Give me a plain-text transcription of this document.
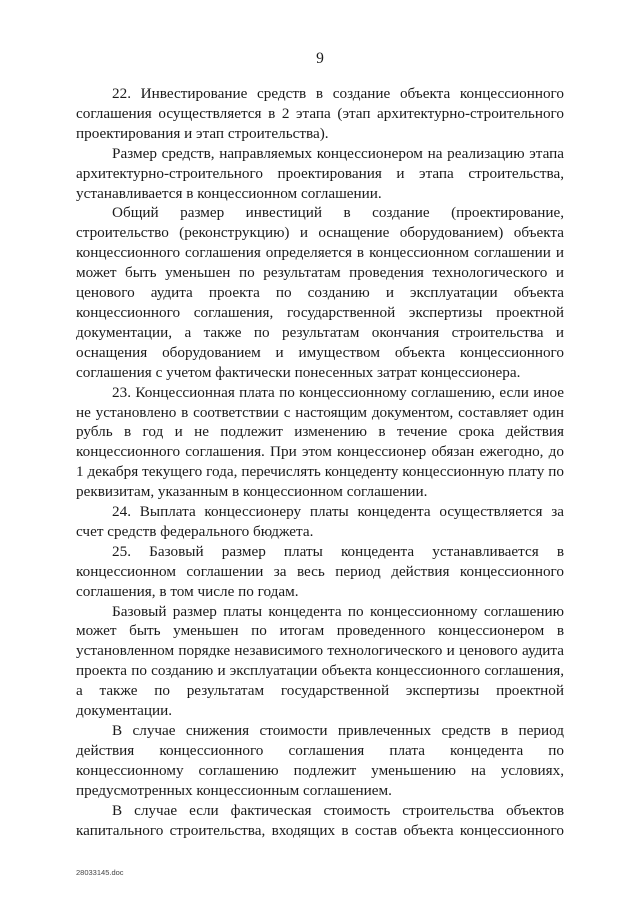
9

22. Инвестирование средств в создание объекта концессионного соглашения осуществляется в 2 этапа (этап архитектурно-строительного проектирования и этап строительства).

Размер средств, направляемых концессионером на реализацию этапа архитектурно-строительного проектирования и этапа строительства, устанавливается в концессионном соглашении.

Общий размер инвестиций в создание (проектирование, строительство (реконструкцию) и оснащение оборудованием) объекта концессионного соглашения определяется в концессионном соглашении и может быть уменьшен по результатам проведения технологического и ценового аудита проекта по созданию и эксплуатации объекта концессионного соглашения, государственной экспертизы проектной документации, а также по результатам окончания строительства и оснащения оборудованием и имуществом объекта концессионного соглашения с учетом фактически понесенных затрат концессионера.

23. Концессионная плата по концессионному соглашению, если иное не установлено в соответствии с настоящим документом, составляет один рубль в год и не подлежит изменению в течение срока действия концессионного соглашения. При этом концессионер обязан ежегодно, до 1 декабря текущего года, перечислять концеденту концессионную плату по реквизитам, указанным в концессионном соглашении.

24. Выплата концессионеру платы концедента осуществляется за счет средств федерального бюджета.

25. Базовый размер платы концедента устанавливается в концессионном соглашении за весь период действия концессионного соглашения, в том числе по годам.

Базовый размер платы концедента по концессионному соглашению может быть уменьшен по итогам проведенного концессионером в установленном порядке независимого технологического и ценового аудита проекта по созданию и эксплуатации объекта концессионного соглашения, а также по результатам государственной экспертизы проектной документации.

В случае снижения стоимости привлеченных средств в период действия концессионного соглашения плата концедента по концессионному соглашению подлежит уменьшению на условиях, предусмотренных концессионным соглашением.

В случае если фактическая стоимость строительства объектов капитального строительства, входящих в состав объекта концессионного

28033145.doc
